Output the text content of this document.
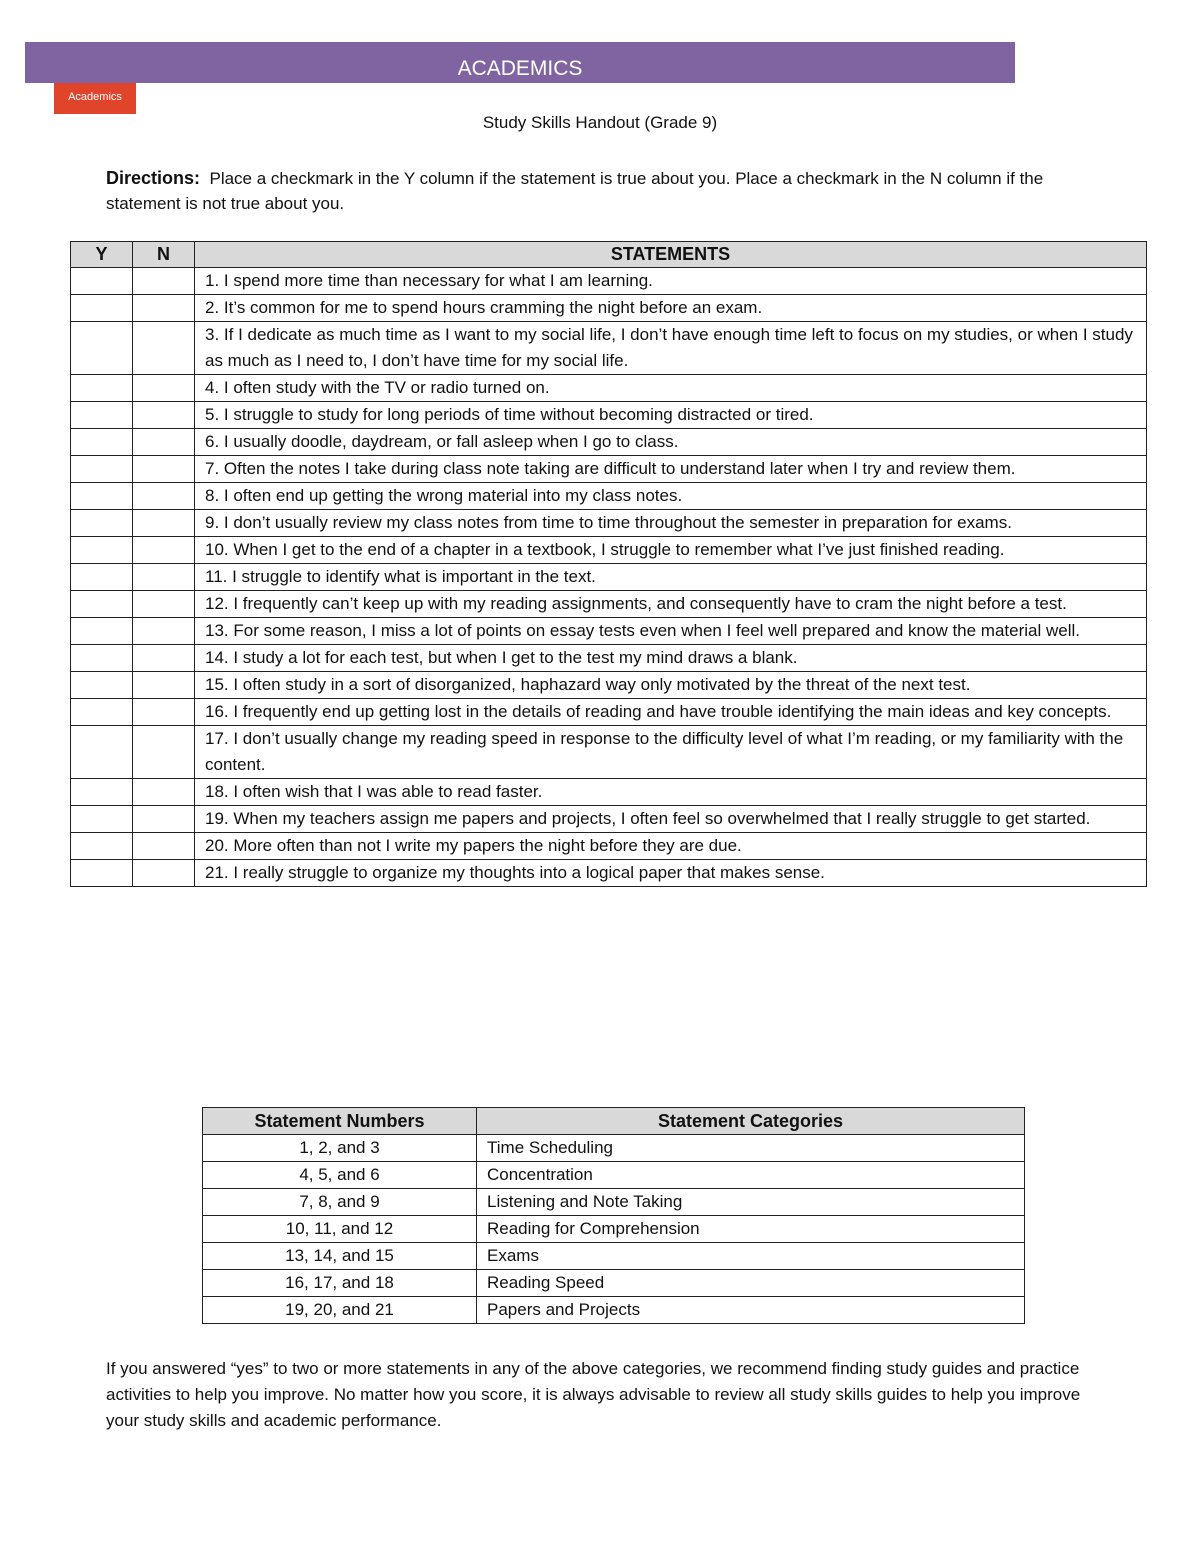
ACADEMICS
Academics
Study Skills Handout (Grade 9)
Directions: Place a checkmark in the Y column if the statement is true about you. Place a checkmark in the N column if the statement is not true about you.
Y	N	STATEMENTS
		1. I spend more time than necessary for what I am learning.
		2. It’s common for me to spend hours cramming the night before an exam.
		3. If I dedicate as much time as I want to my social life, I don’t have enough time left to focus on my studies, or when I study as much as I need to, I don’t have time for my social life.
		4. I often study with the TV or radio turned on.
		5. I struggle to study for long periods of time without becoming distracted or tired.
		6. I usually doodle, daydream, or fall asleep when I go to class.
		7. Often the notes I take during class note taking are difficult to understand later when I try and review them.
		8. I often end up getting the wrong material into my class notes.
		9. I don’t usually review my class notes from time to time throughout the semester in preparation for exams.
		10. When I get to the end of a chapter in a textbook, I struggle to remember what I’ve just finished reading.
		11. I struggle to identify what is important in the text.
		12. I frequently can’t keep up with my reading assignments, and consequently have to cram the night before a test.
		13. For some reason, I miss a lot of points on essay tests even when I feel well prepared and know the material well.
		14. I study a lot for each test, but when I get to the test my mind draws a blank.
		15. I often study in a sort of disorganized, haphazard way only motivated by the threat of the next test.
		16. I frequently end up getting lost in the details of reading and have trouble identifying the main ideas and key concepts.
		17. I don’t usually change my reading speed in response to the difficulty level of what I’m reading, or my familiarity with the content.
		18. I often wish that I was able to read faster.
		19. When my teachers assign me papers and projects, I often feel so overwhelmed that I really struggle to get started.
		20. More often than not I write my papers the night before they are due.
		21. I really struggle to organize my thoughts into a logical paper that makes sense.
Statement Numbers	Statement Categories
1, 2, and 3	Time Scheduling
4, 5, and 6	Concentration
7, 8, and 9	Listening and Note Taking
10, 11, and 12	Reading for Comprehension
13, 14, and 15	Exams
16, 17, and 18	Reading Speed
19, 20, and 21	Papers and Projects
If you answered “yes” to two or more statements in any of the above categories, we recommend finding study guides and practice activities to help you improve. No matter how you score, it is always advisable to review all study skills guides to help you improve your study skills and academic performance.
